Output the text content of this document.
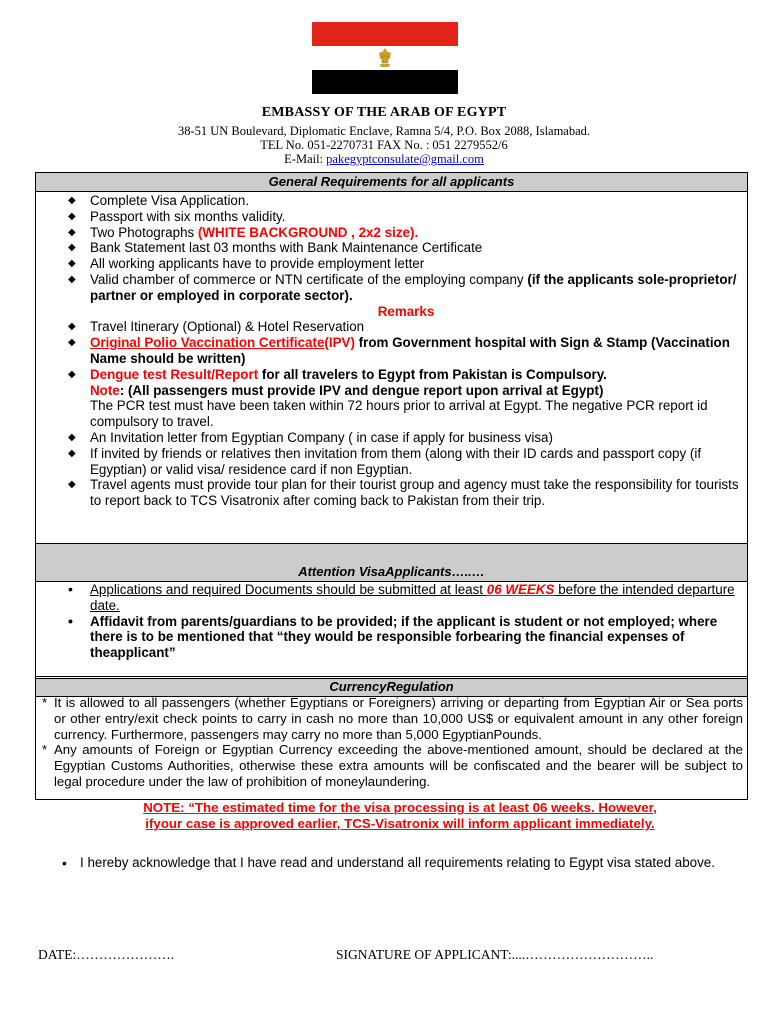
EMBASSY OF THE ARAB OF EGYPT
38-51 UN Boulevard, Diplomatic Enclave, Ramna 5/4, P.O. Box 2088, Islamabad.
TEL No. 051-2270731 FAX No. : 051 2279552/6
E-Mail: pakegyptconsulate@gmail.com
General Requirements for all applicants
◆ Complete Visa Application.
◆ Passport with six months validity.
◆ Two Photographs (WHITE BACKGROUND , 2x2 size).
◆ Bank Statement last 03 months with Bank Maintenance Certificate
◆ All working applicants have to provide employment letter
◆ Valid chamber of commerce or NTN certificate of the employing company (if the applicants sole-proprietor/ partner or employed in corporate sector).
Remarks
◆ Travel Itinerary (Optional) & Hotel Reservation
◆ Original Polio Vaccination Certificate(IPV) from Government hospital with Sign & Stamp (Vaccination Name should be written)
◆ Dengue test Result/Report for all travelers to Egypt from Pakistan is Compulsory.
Note: (All passengers must provide IPV and dengue report upon arrival at Egypt)
The PCR test must have been taken within 72 hours prior to arrival at Egypt. The negative PCR report id compulsory to travel.
◆ An Invitation letter from Egyptian Company ( in case if apply for business visa)
◆ If invited by friends or relatives then invitation from them (along with their ID cards and passport copy (if Egyptian) or valid visa/ residence card if non Egyptian.
◆ Travel agents must provide tour plan for their tourist group and agency must take the responsibility for tourists to report back to TCS Visatronix after coming back to Pakistan from their trip.
Attention VisaApplicants…..…
• Applications and required Documents should be submitted at least 06 WEEKS before the intended departure date.
• Affidavit from parents/guardians to be provided; if the applicant is student or not employed; where there is to be mentioned that “they would be responsible forbearing the financial expenses of theapplicant”
CurrencyRegulation
* It is allowed to all passengers (whether Egyptians or Foreigners) arriving or departing from Egyptian Air or Sea ports or other entry/exit check points to carry in cash no more than 10,000 US$ or equivalent amount in any other foreign currency. Furthermore, passengers may carry no more than 5,000 EgyptianPounds.
* Any amounts of Foreign or Egyptian Currency exceeding the above-mentioned amount, should be declared at the Egyptian Customs Authorities, otherwise these extra amounts will be confiscated and the bearer will be subject to legal procedure under the law of prohibition of moneylaundering.
NOTE: “The estimated time for the visa processing is at least 06 weeks. However,
ifyour case is approved earlier, TCS-Visatronix will inform applicant immediately.
• I hereby acknowledge that I have read and understand all requirements relating to Egypt visa stated above.
DATE:………………….	SIGNATURE OF APPLICANT:....………………………..
